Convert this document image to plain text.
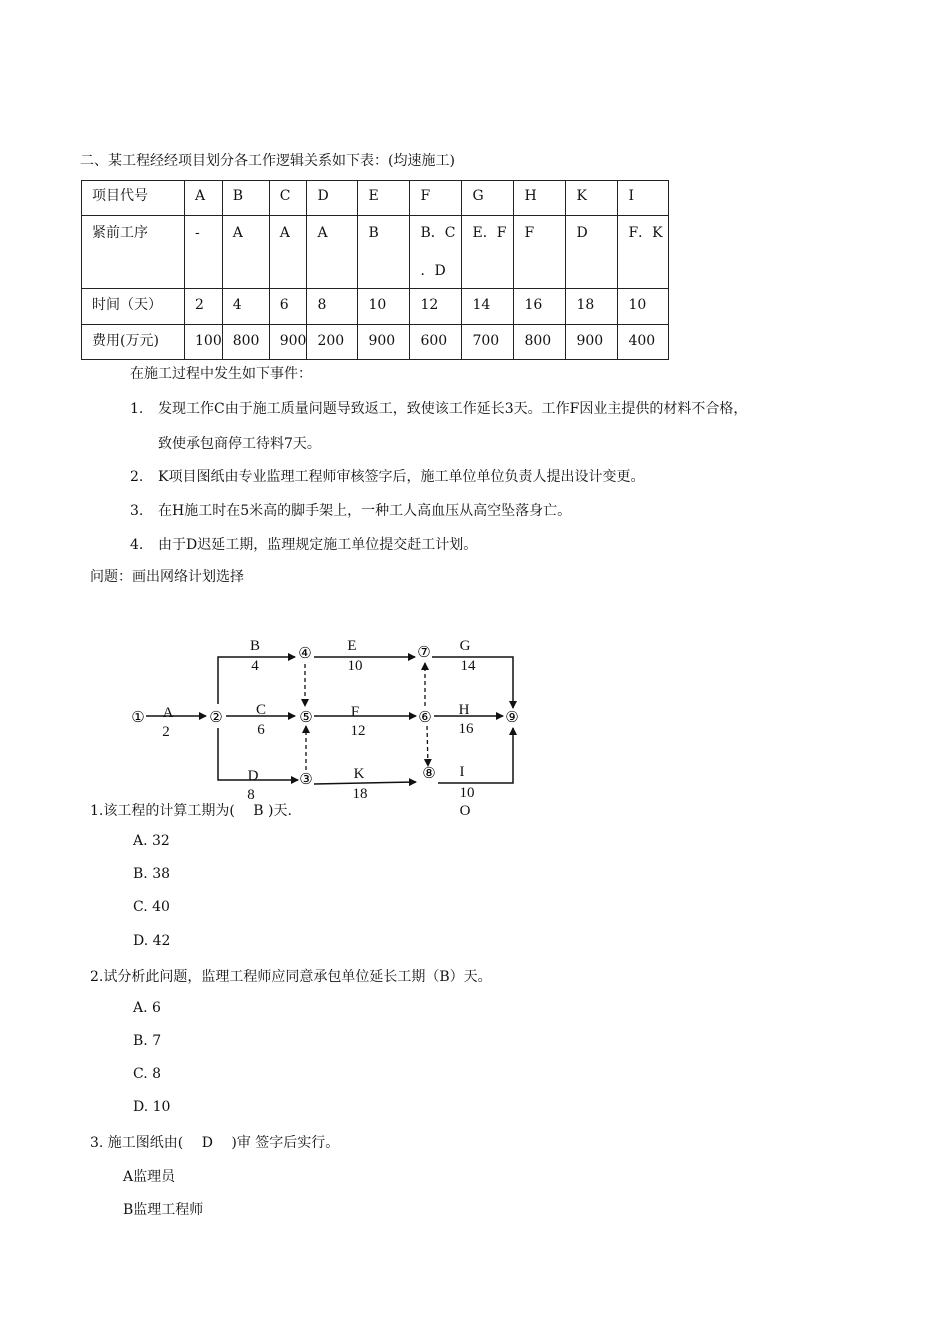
二、某工程经经项目划分各工作逻辑关系如下表：(均速施工)
项目代号	A	B	C	D	E	F	G	H	K	I
紧前工序	-	A	A	A	B	B．C
．D	E．F	F	D	F．K
时间（天）	2	4	6	8	10	12	14	16	18	10
费用(万元)	100	800	900	200	900	600	700	800	900	400
在施工过程中发生如下事件：
1. 发现工作C由于施工质量问题导致返工，致使该工作延长3天。工作F因业主提供的材料不合格，
致使承包商停工待料7天。
2. K项目图纸由专业监理工程师审核签字后，施工单位单位负责人提出设计变更。
3. 在H施工时在5米高的脚手架上，一种工人高血压从高空坠落身亡。
4. 由于D迟延工期，监理规定施工单位提交赶工计划。
问题：画出网络计划选择
①	②
③
④
⑤	⑥
⑦
⑧
⑨
A
2
B
4
C
6
D
8
E
10
F
12
G
14
H
16
K
18
I
10
O
1.该工程的计算工期为(　 B )天.
A. 32
B. 38
C. 40
D. 42
2.试分析此问题，监理工程师应同意承包单位延长工期（B）天。
A. 6
B. 7
C. 8
D. 10
3. 施工图纸由(　 D　 )审 签字后实行。
A监理员
B监理工程师
